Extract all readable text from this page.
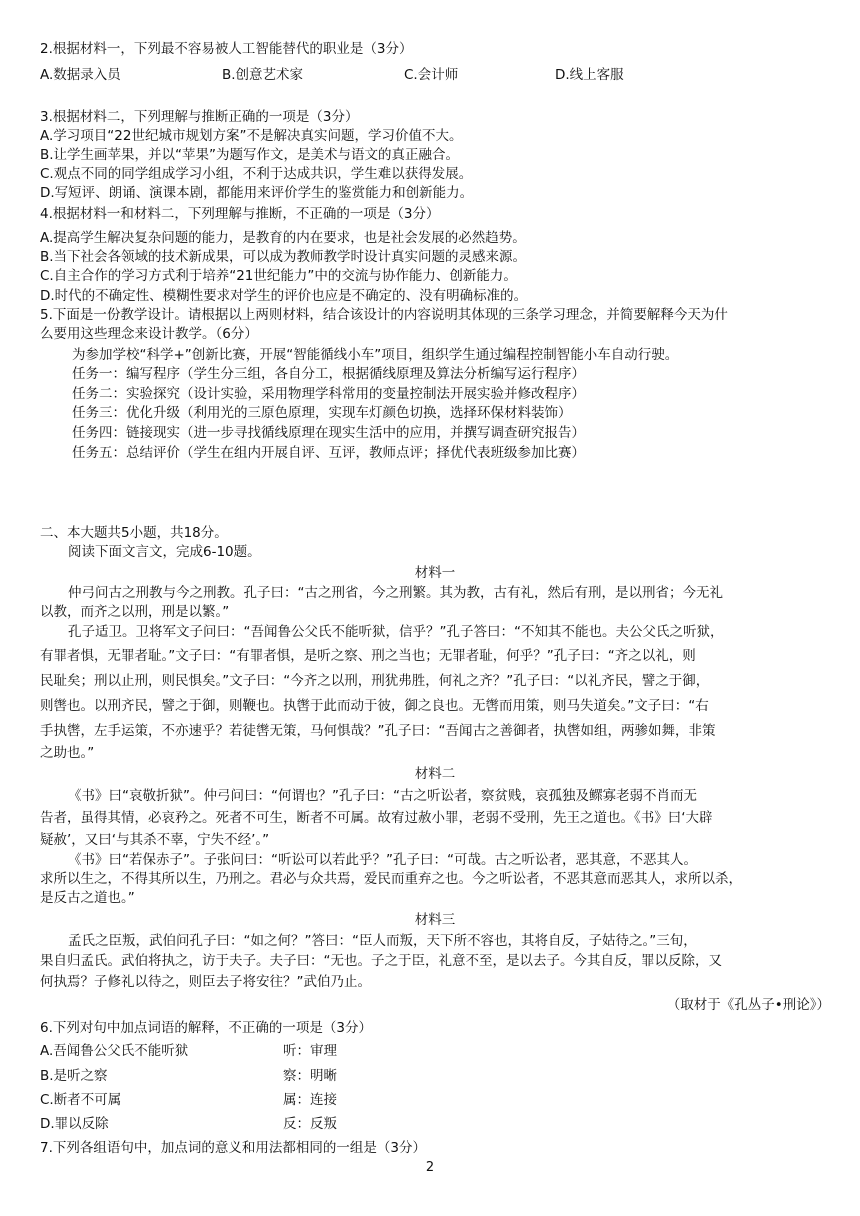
2.根据材料一，下列最不容易被人工智能替代的职业是（3分）
A.数据录入员	B.创意艺术家	C.会计师	D.线上客服
3.根据材料二，下列理解与推断正确的一项是（3分）
A.学习项目“22世纪城市规划方案”不是解决真实问题，学习价值不大。
B.让学生画苹果，并以“苹果”为题写作文，是美术与语文的真正融合。
C.观点不同的同学组成学习小组，不利于达成共识，学生难以获得发展。
D.写短评、朗诵、演课本剧，都能用来评价学生的鉴赏能力和创新能力。
4.根据材料一和材料二，下列理解与推断，不正确的一项是（3分）
A.提高学生解决复杂问题的能力，是教育的内在要求，也是社会发展的必然趋势。
B.当下社会各领域的技术新成果，可以成为教师教学时设计真实问题的灵感来源。
C.自主合作的学习方式利于培养“21世纪能力”中的交流与协作能力、创新能力。
D.时代的不确定性、模糊性要求对学生的评价也应是不确定的、没有明确标准的。
5.下面是一份教学设计。请根据以上两则材料，结合该设计的内容说明其体现的三条学习理念，并简要解释今天为什
么要用这些理念来设计教学。（6分）
为参加学校“科学+”创新比赛，开展“智能循线小车”项目，组织学生通过编程控制智能小车自动行驶。
任务一：编写程序（学生分三组，各自分工，根据循线原理及算法分析编写运行程序）
任务二：实验探究（设计实验，采用物理学科常用的变量控制法开展实验并修改程序）
任务三：优化升级（利用光的三原色原理，实现车灯颜色切换，选择环保材料装饰）
任务四：链接现实（进一步寻找循线原理在现实生活中的应用，并撰写调查研究报告）
任务五：总结评价（学生在组内开展自评、互评，教师点评；择优代表班级参加比赛）
二、本大题共5小题，共18分。
阅读下面文言文，完成6-10题。
材料一
仲弓问古之刑教与今之刑教。孔子曰：“古之刑省，今之刑繁。其为教，古有礼，然后有刑，是以刑省；今无礼
以教，而齐之以刑，刑是以繁。”
孔子适卫。卫将军文子问曰：“吾闻鲁公父氏不能听狱，信乎？”孔子答曰：“不知其不能也。夫公父氏之听狱，
有罪者惧，无罪者耻。”文子曰：“有罪者惧，是听之察、刑之当也；无罪者耻，何乎？”孔子曰：“齐之以礼，则
民耻矣；刑以止刑，则民惧矣。”文子曰：“今齐之以刑，刑犹弗胜，何礼之齐？”孔子曰：“以礼齐民，譬之于御，
则辔也。以刑齐民，譬之于御，则鞭也。执辔于此而动于彼，御之良也。无辔而用策，则马失道矣。”文子曰：“右
手执辔，左手运策，不亦速乎？若徒辔无策，马何惧哉？”孔子曰：“吾闻古之善御者，执辔如组，两骖如舞，非策
之助也。”
材料二
《书》曰“哀敬折狱”。仲弓问曰：“何谓也？”孔子曰：“古之听讼者，察贫贱，哀孤独及鳏寡老弱不肖而无
告者，虽得其情，必哀矜之。死者不可生，断者不可属。故宥过赦小罪，老弱不受刑，先王之道也。《书》曰‘大辟
疑赦’，又曰‘与其杀不辜，宁失不经’。”
《书》曰“若保赤子”。子张问曰：“听讼可以若此乎？”孔子曰：“可哉。古之听讼者，恶其意，不恶其人。
求所以生之，不得其所以生，乃刑之。君必与众共焉，爱民而重弃之也。今之听讼者，不恶其意而恶其人，求所以杀，
是反古之道也。”
材料三
孟氏之臣叛，武伯问孔子曰：“如之何？”答曰：“臣人而叛，天下所不容也，其将自反，子姑待之。”三旬，
果自归孟氏。武伯将执之，访于夫子。夫子曰：“无也。子之于臣，礼意不至，是以去子。今其自反，罪以反除，又
何执焉？子修礼以待之，则臣去子将安往？”武伯乃止。
（取材于《孔丛子•刑论》）
6.下列对句中加点词语的解释，不正确的一项是（3分）
A.吾闻鲁公父氏不能听狱	听：审理
B.是听之察	察：明晰
C.断者不可属	属：连接
D.罪以反除	反：反叛
7.下列各组语句中，加点词的意义和用法都相同的一组是（3分）
2
